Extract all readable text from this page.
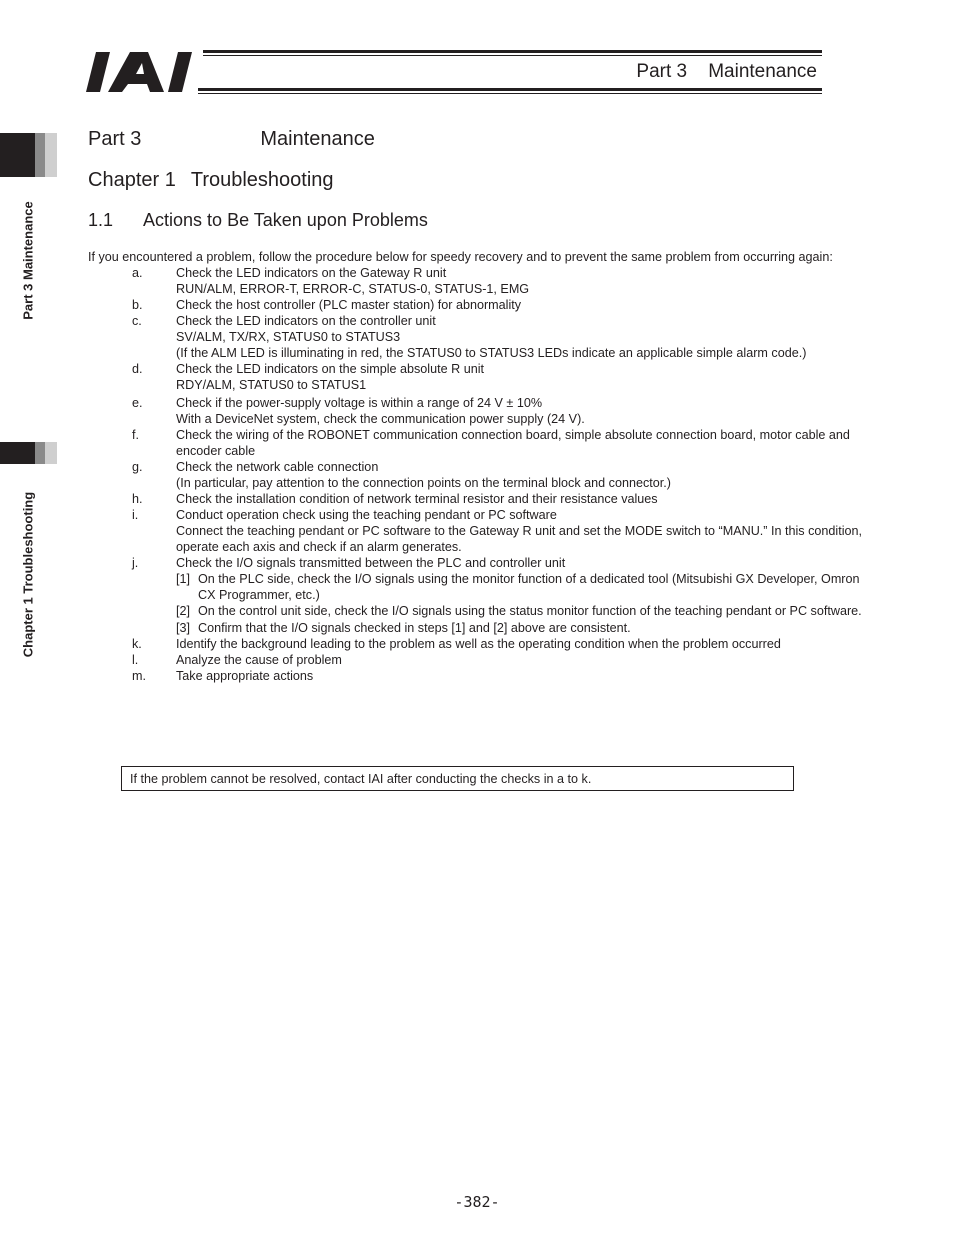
Part 3    Maintenance
Part 3 Maintenance
Chapter 1 Troubleshooting
Part 3	Maintenance
Chapter 1 Troubleshooting
1.1 Actions to Be Taken upon Problems

If you encountered a problem, follow the procedure below for speedy recovery and to prevent the same problem from occurring again:

a.	Check the LED indicators on the Gateway R unit
RUN/ALM, ERROR-T, ERROR-C, STATUS-0, STATUS-1, EMG
b.	Check the host controller (PLC master station) for abnormality
c.	Check the LED indicators on the controller unit
SV/ALM, TX/RX, STATUS0 to STATUS3
(If the ALM LED is illuminating in red, the STATUS0 to STATUS3 LEDs indicate an applicable simple alarm code.)
d.	Check the LED indicators on the simple absolute R unit
RDY/ALM, STATUS0 to STATUS1
e.	Check if the power-supply voltage is within a range of 24 V ± 10%
With a DeviceNet system, check the communication power supply (24 V).
f.	Check the wiring of the ROBONET communication connection board, simple absolute connection board, motor cable and encoder cable
g.	Check the network cable connection
(In particular, pay attention to the connection points on the terminal block and connector.)
h.	Check the installation condition of network terminal resistor and their resistance values
i.	Conduct operation check using the teaching pendant or PC software
Connect the teaching pendant or PC software to the Gateway R unit and set the MODE switch to “MANU.” In this condition, operate each axis and check if an alarm generates.
j.	Check the I/O signals transmitted between the PLC and controller unit
[1] On the PLC side, check the I/O signals using the monitor function of a dedicated tool (Mitsubishi GX Developer, Omron CX Programmer, etc.)
[2] On the control unit side, check the I/O signals using the status monitor function of the teaching pendant or PC software.
[3] Confirm that the I/O signals checked in steps [1] and [2] above are consistent.
k.	Identify the background leading to the problem as well as the operating condition when the problem occurred
l.	Analyze the cause of problem
m. Take appropriate actions
If the problem cannot be resolved, contact IAI after conducting the checks in a to k.
-382-
